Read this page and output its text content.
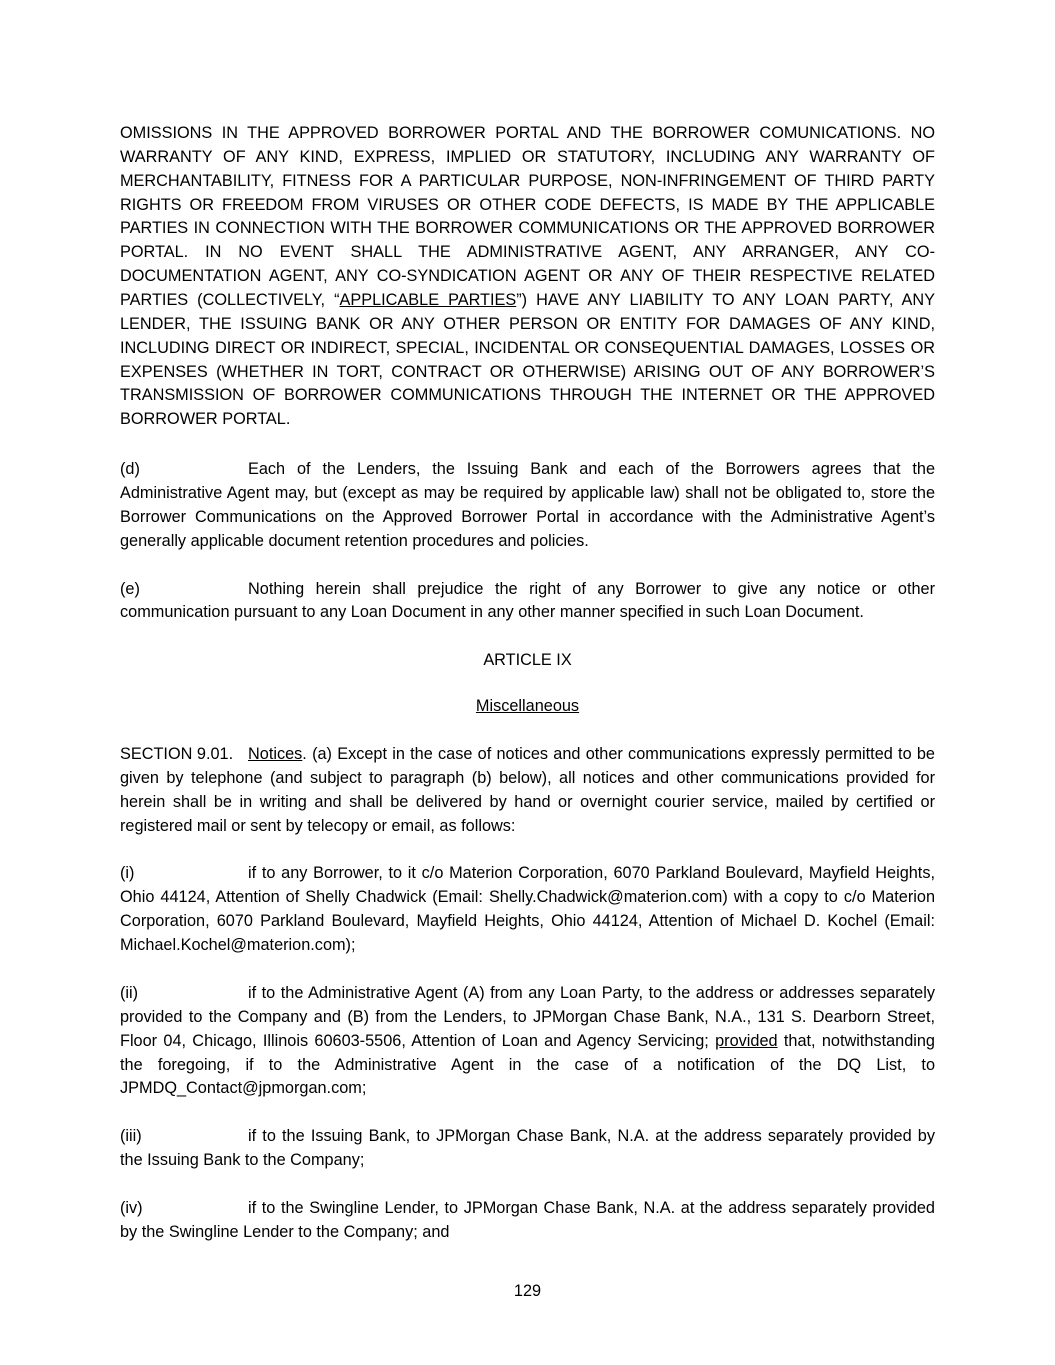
OMISSIONS IN THE APPROVED BORROWER PORTAL AND THE BORROWER COMUNICATIONS. NO WARRANTY OF ANY KIND, EXPRESS, IMPLIED OR STATUTORY, INCLUDING ANY WARRANTY OF MERCHANTABILITY, FITNESS FOR A PARTICULAR PURPOSE, NON-INFRINGEMENT OF THIRD PARTY RIGHTS OR FREEDOM FROM VIRUSES OR OTHER CODE DEFECTS, IS MADE BY THE APPLICABLE PARTIES IN CONNECTION WITH THE BORROWER COMMUNICATIONS OR THE APPROVED BORROWER PORTAL. IN NO EVENT SHALL THE ADMINISTRATIVE AGENT, ANY ARRANGER, ANY CO-DOCUMENTATION AGENT, ANY CO-SYNDICATION AGENT OR ANY OF THEIR RESPECTIVE RELATED PARTIES (COLLECTIVELY, “APPLICABLE PARTIES”) HAVE ANY LIABILITY TO ANY LOAN PARTY, ANY LENDER, THE ISSUING BANK OR ANY OTHER PERSON OR ENTITY FOR DAMAGES OF ANY KIND, INCLUDING DIRECT OR INDIRECT, SPECIAL, INCIDENTAL OR CONSEQUENTIAL DAMAGES, LOSSES OR EXPENSES (WHETHER IN TORT, CONTRACT OR OTHERWISE) ARISING OUT OF ANY BORROWER’S TRANSMISSION OF BORROWER COMMUNICATIONS THROUGH THE INTERNET OR THE APPROVED BORROWER PORTAL.

(d)	Each of the Lenders, the Issuing Bank and each of the Borrowers agrees that the Administrative Agent may, but (except as may be required by applicable law) shall not be obligated to, store the Borrower Communications on the Approved Borrower Portal in accordance with the Administrative Agent’s generally applicable document retention procedures and policies.

(e)	Nothing herein shall prejudice the right of any Borrower to give any notice or other communication pursuant to any Loan Document in any other manner specified in such Loan Document.

ARTICLE IX

Miscellaneous

SECTION 9.01. Notices. (a) Except in the case of notices and other communications expressly permitted to be given by telephone (and subject to paragraph (b) below), all notices and other communications provided for herein shall be in writing and shall be delivered by hand or overnight courier service, mailed by certified or registered mail or sent by telecopy or email, as follows:

(i)	if to any Borrower, to it c/o Materion Corporation, 6070 Parkland Boulevard, Mayfield Heights, Ohio 44124, Attention of Shelly Chadwick (Email: Shelly.Chadwick@materion.com) with a copy to c/o Materion Corporation, 6070 Parkland Boulevard, Mayfield Heights, Ohio 44124, Attention of Michael D. Kochel (Email: Michael.Kochel@materion.com);

(ii)	if to the Administrative Agent (A) from any Loan Party, to the address or addresses separately provided to the Company and (B) from the Lenders, to JPMorgan Chase Bank, N.A., 131 S. Dearborn Street, Floor 04, Chicago, Illinois 60603-5506, Attention of Loan and Agency Servicing; provided that, notwithstanding the foregoing, if to the Administrative Agent in the case of a notification of the DQ List, to JPMDQ_Contact@jpmorgan.com;

(iii)	if to the Issuing Bank, to JPMorgan Chase Bank, N.A. at the address separately provided by the Issuing Bank to the Company;

(iv)	if to the Swingline Lender, to JPMorgan Chase Bank, N.A. at the address separately provided by the Swingline Lender to the Company; and

129
